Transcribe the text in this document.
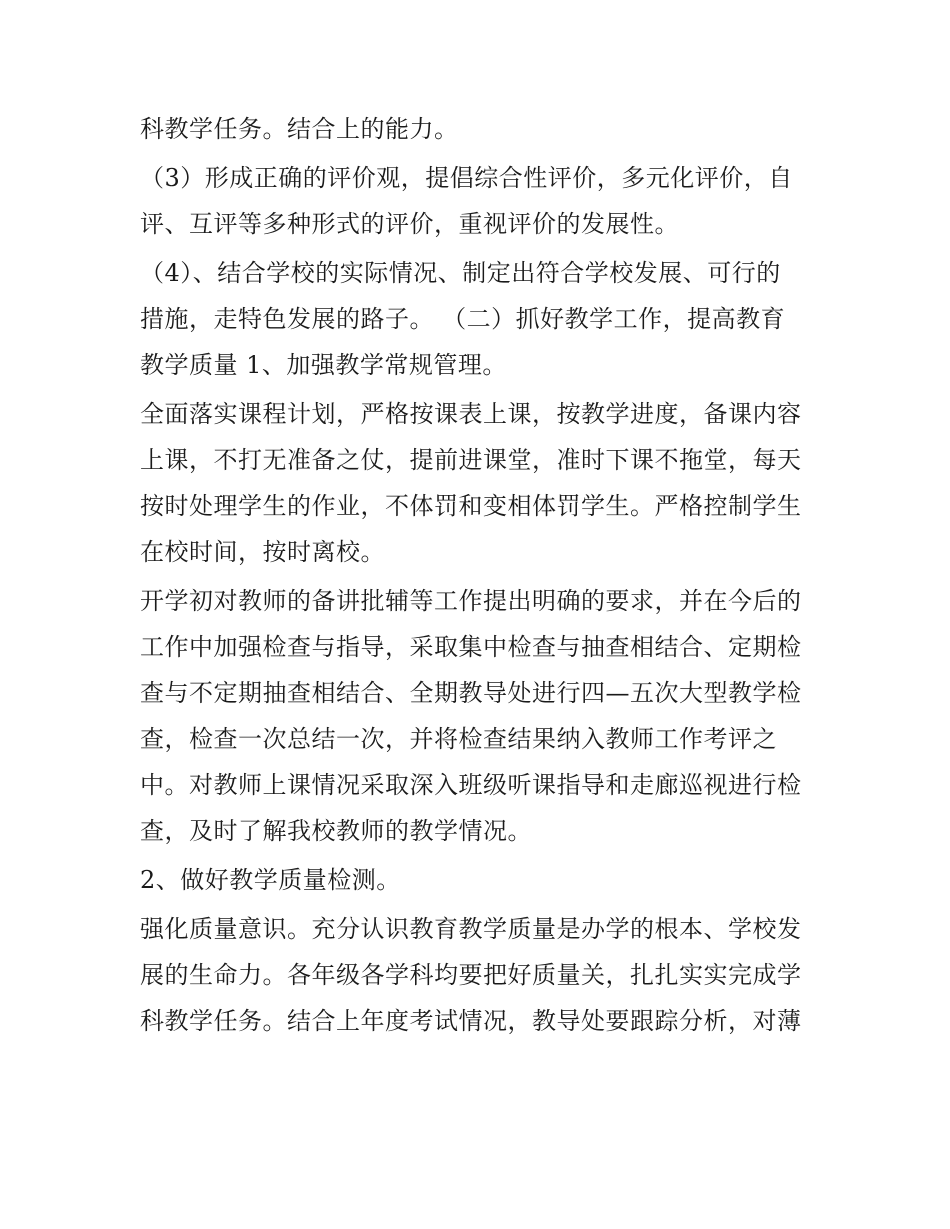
科教学任务。结合上的能力。
（3）形成正确的评价观，提倡综合性评价，多元化评价，自
评、互评等多种形式的评价，重视评价的发展性。
（4）、结合学校的实际情况、制定出符合学校发展、可行的
措施，走特色发展的路子。 （二）抓好教学工作，提高教育
教学质量 1、加强教学常规管理。
全面落实课程计划，严格按课表上课，按教学进度，备课内容
上课，不打无准备之仗，提前进课堂，准时下课不拖堂，每天
按时处理学生的作业，不体罚和变相体罚学生。严格控制学生
在校时间，按时离校。
开学初对教师的备讲批辅等工作提出明确的要求，并在今后的
工作中加强检查与指导，采取集中检查与抽查相结合、定期检
查与不定期抽查相结合、全期教导处进行四—五次大型教学检
查，检查一次总结一次，并将检查结果纳入教师工作考评之
中。对教师上课情况采取深入班级听课指导和走廊巡视进行检
查，及时了解我校教师的教学情况。
2、做好教学质量检测。
强化质量意识。充分认识教育教学质量是办学的根本、学校发
展的生命力。各年级各学科均要把好质量关，扎扎实实完成学
科教学任务。结合上年度考试情况，教导处要跟踪分析，对薄
